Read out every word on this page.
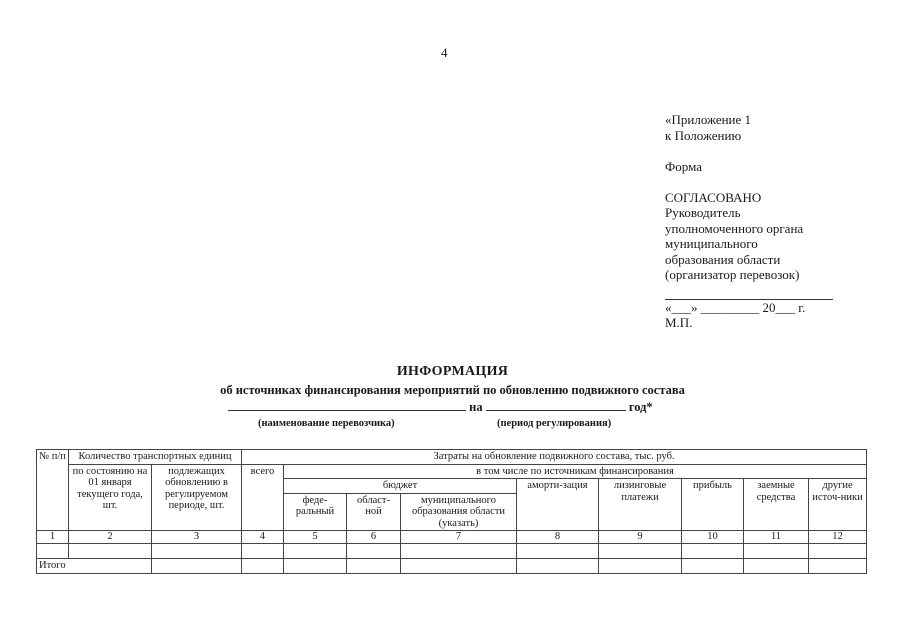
4
«Приложение 1
к Положению
Форма
СОГЛАСОВАНО
Руководитель
уполномоченного органа
муниципального
образования области
(организатор перевозок)
«___» _________ 20___ г.
М.П.
ИНФОРМАЦИЯ
об источниках финансирования мероприятий по обновлению подвижного состава
на	год*
(наименование перевозчика)	(период регулирования)
№ п/п	Количество транспортных единиц		Затраты на обновление подвижного состава, тыс. руб.								
	по состоянию на 01 января текущего года, шт.	подлежащих обновлению в регулируемом периоде, шт.	всего	в том числе по источникам финансирования							
				бюджет			аморти-зация	лизинговые платежи	прибыль	заемные средства	другие источ-ники
				феде-ральный	област-ной	муниципального образования области (указать)					
1	2	3	4	5	6	7	8	9	10	11	12

Итого											
